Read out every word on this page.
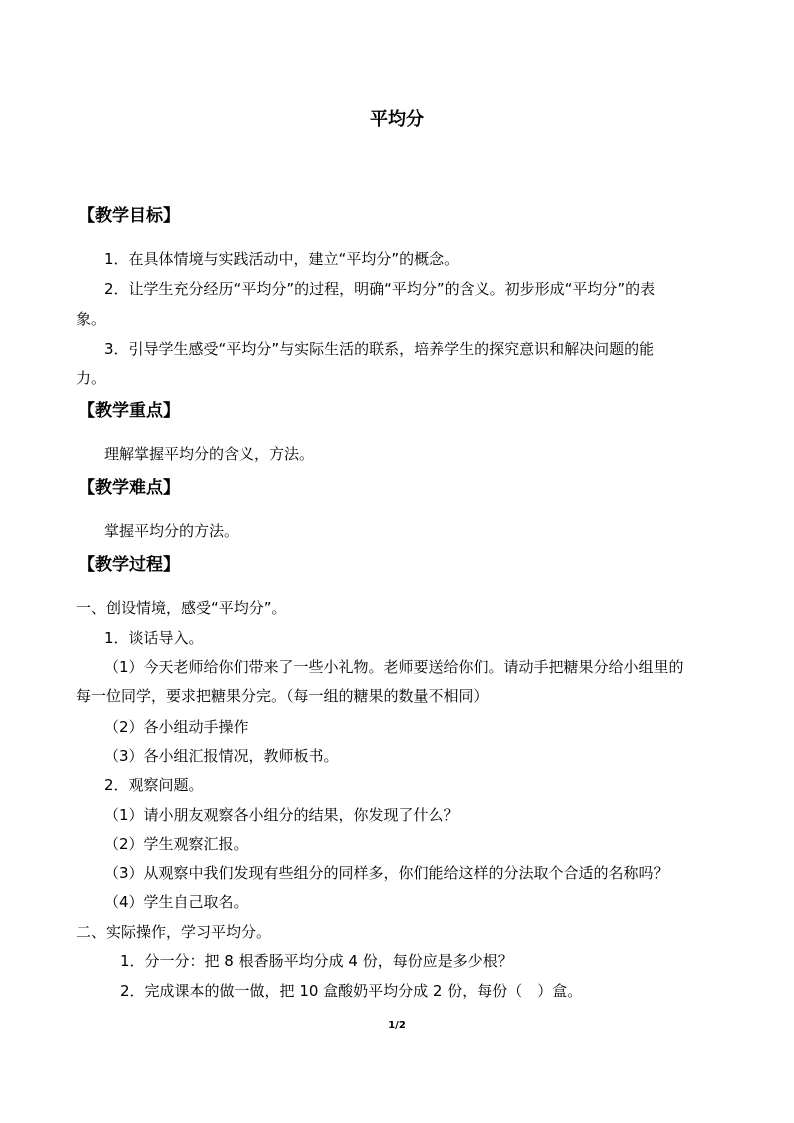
平均分
【教学目标】
1．在具体情境与实践活动中，建立“平均分”的概念。
2．让学生充分经历“平均分”的过程，明确“平均分”的含义。初步形成“平均分”的表
象。
3．引导学生感受“平均分”与实际生活的联系，培养学生的探究意识和解决问题的能
力。
【教学重点】
理解掌握平均分的含义，方法。
【教学难点】
掌握平均分的方法。
【教学过程】
一、创设情境，感受“平均分”。
1．谈话导入。
（1）今天老师给你们带来了一些小礼物。老师要送给你们。请动手把糖果分给小组里的
每一位同学，要求把糖果分完。（每一组的糖果的数量不相同）
（2）各小组动手操作
（3）各小组汇报情况，教师板书。
2．观察问题。
（1）请小朋友观察各小组分的结果，你发现了什么？
（2）学生观察汇报。
（3）从观察中我们发现有些组分的同样多，你们能给这样的分法取个合适的名称吗？
（4）学生自己取名。
二、实际操作，学习平均分。
1．分一分：把 8 根香肠平均分成 4 份，每份应是多少根？
2．完成课本的做一做，把 10 盒酸奶平均分成 2 份，每份（　）盒。
1/2
